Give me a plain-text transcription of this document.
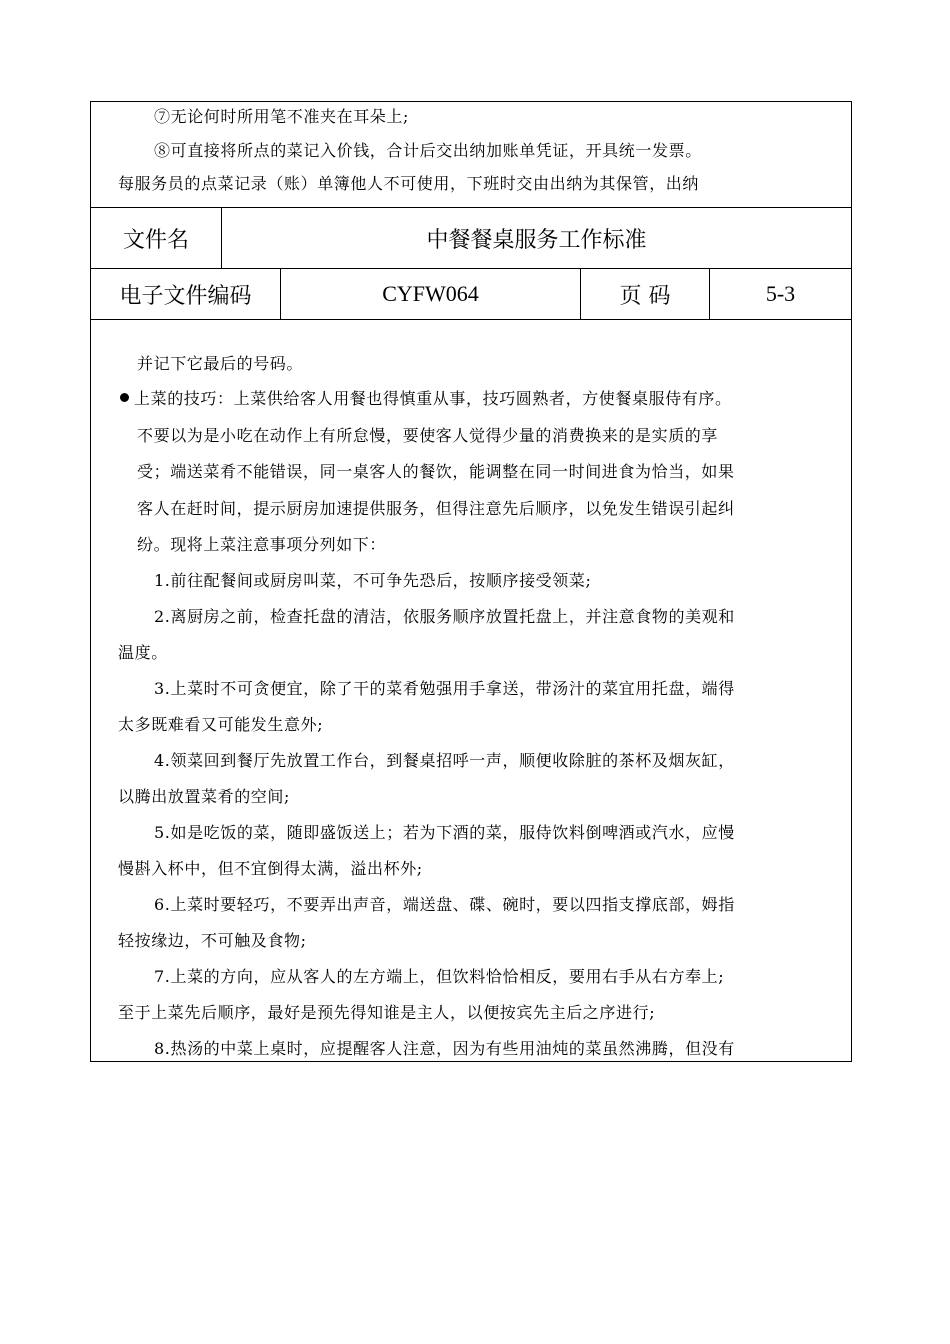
⑦无论何时所用笔不准夹在耳朵上;
⑧可直接将所点的菜记入价钱，合计后交出纳加账单凭证，开具统一发票。
每服务员的点菜记录（账）单簿他人不可使用，下班时交由出纳为其保管，出纳
文件名	中餐餐桌服务工作标准
电子文件编码	CYFW064	页 码	5-3
并记下它最后的号码。
上菜的技巧：上菜供给客人用餐也得慎重从事，技巧圆熟者，方使餐桌服侍有序。
不要以为是小吃在动作上有所怠慢，要使客人觉得少量的消费换来的是实质的享
受；端送菜肴不能错误，同一桌客人的餐饮，能调整在同一时间进食为恰当，如果
客人在赶时间，提示厨房加速提供服务，但得注意先后顺序，以免发生错误引起纠
纷。现将上菜注意事项分列如下：
1.前往配餐间或厨房叫菜，不可争先恐后，按顺序接受领菜;
2.离厨房之前，检查托盘的清洁，依服务顺序放置托盘上，并注意食物的美观和
温度。
3.上菜时不可贪便宜，除了干的菜肴勉强用手拿送，带汤汁的菜宜用托盘，端得
太多既难看又可能发生意外;
4.领菜回到餐厅先放置工作台，到餐桌招呼一声，顺便收除脏的茶杯及烟灰缸，
以腾出放置菜肴的空间;
5.如是吃饭的菜，随即盛饭送上；若为下酒的菜，服侍饮料倒啤酒或汽水，应慢
慢斟入杯中，但不宜倒得太满，溢出杯外;
6.上菜时要轻巧，不要弄出声音，端送盘、碟、碗时，要以四指支撑底部，姆指
轻按缘边，不可触及食物;
7.上菜的方向，应从客人的左方端上，但饮料恰恰相反，要用右手从右方奉上;
至于上菜先后顺序，最好是预先得知谁是主人，以便按宾先主后之序进行;
8.热汤的中菜上桌时，应提醒客人注意，因为有些用油炖的菜虽然沸腾，但没有
